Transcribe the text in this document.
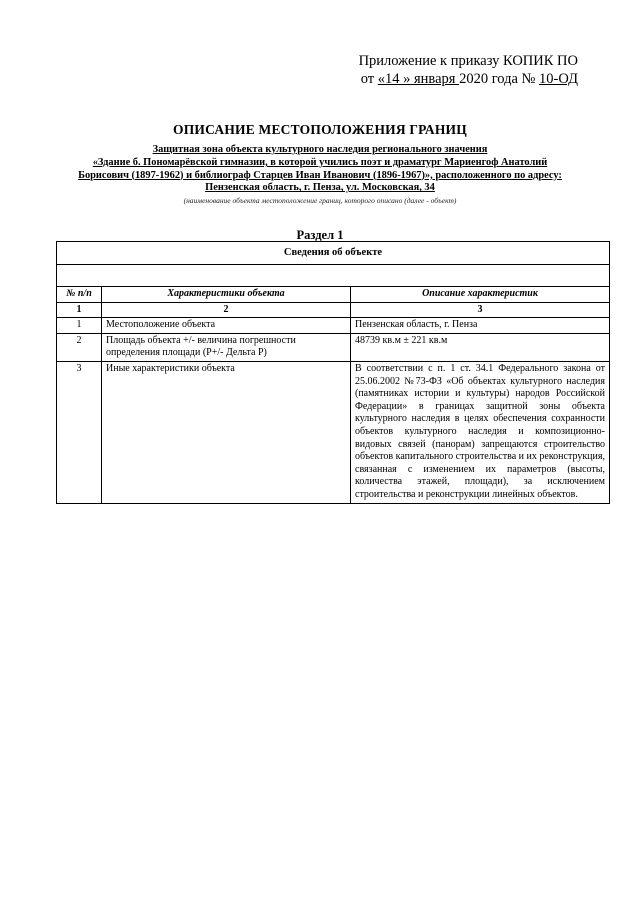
Приложение к приказу КОПИК ПО
от «14 » января 2020 года № 10-ОД
ОПИСАНИЕ МЕСТОПОЛОЖЕНИЯ ГРАНИЦ
Защитная зона объекта культурного наследия регионального значения
«Здание б. Пономарёвской гимназии, в которой учились поэт и драматург Мариенгоф Анатолий
Борисович (1897-1962) и библиограф Старцев Иван Иванович (1896-1967)», расположенного по адресу:
Пензенская область, г. Пенза, ул. Московская, 34
(наименование объекта местоположение границ, которого описано (далее - объект)
Раздел 1
Сведения об объекте
№ п/п	Характеристики объекта	Описание характеристик
1	2	3
1	Местоположение объекта	Пензенская область, г. Пенза
2	Площадь объекта +/- величина погрешности определения площади (P+/- Дельта P)	48739 кв.м ± 221 кв.м
3	Иные характеристики объекта	В соответствии с п. 1 ст. 34.1 Федерального закона от 25.06.2002 №73-ФЗ «Об объектах культурного наследия (памятниках истории и культуры) народов Российской Федерации» в границах защитной зоны объекта культурного наследия в целях обеспечения сохранности объектов культурного наследия и композиционно-видовых связей (панорам) запрещаются строительство объектов капитального строительства и их реконструкция, связанная с изменением их параметров (высоты, количества этажей, площади), за исключением строительства и реконструкции линейных объектов.
